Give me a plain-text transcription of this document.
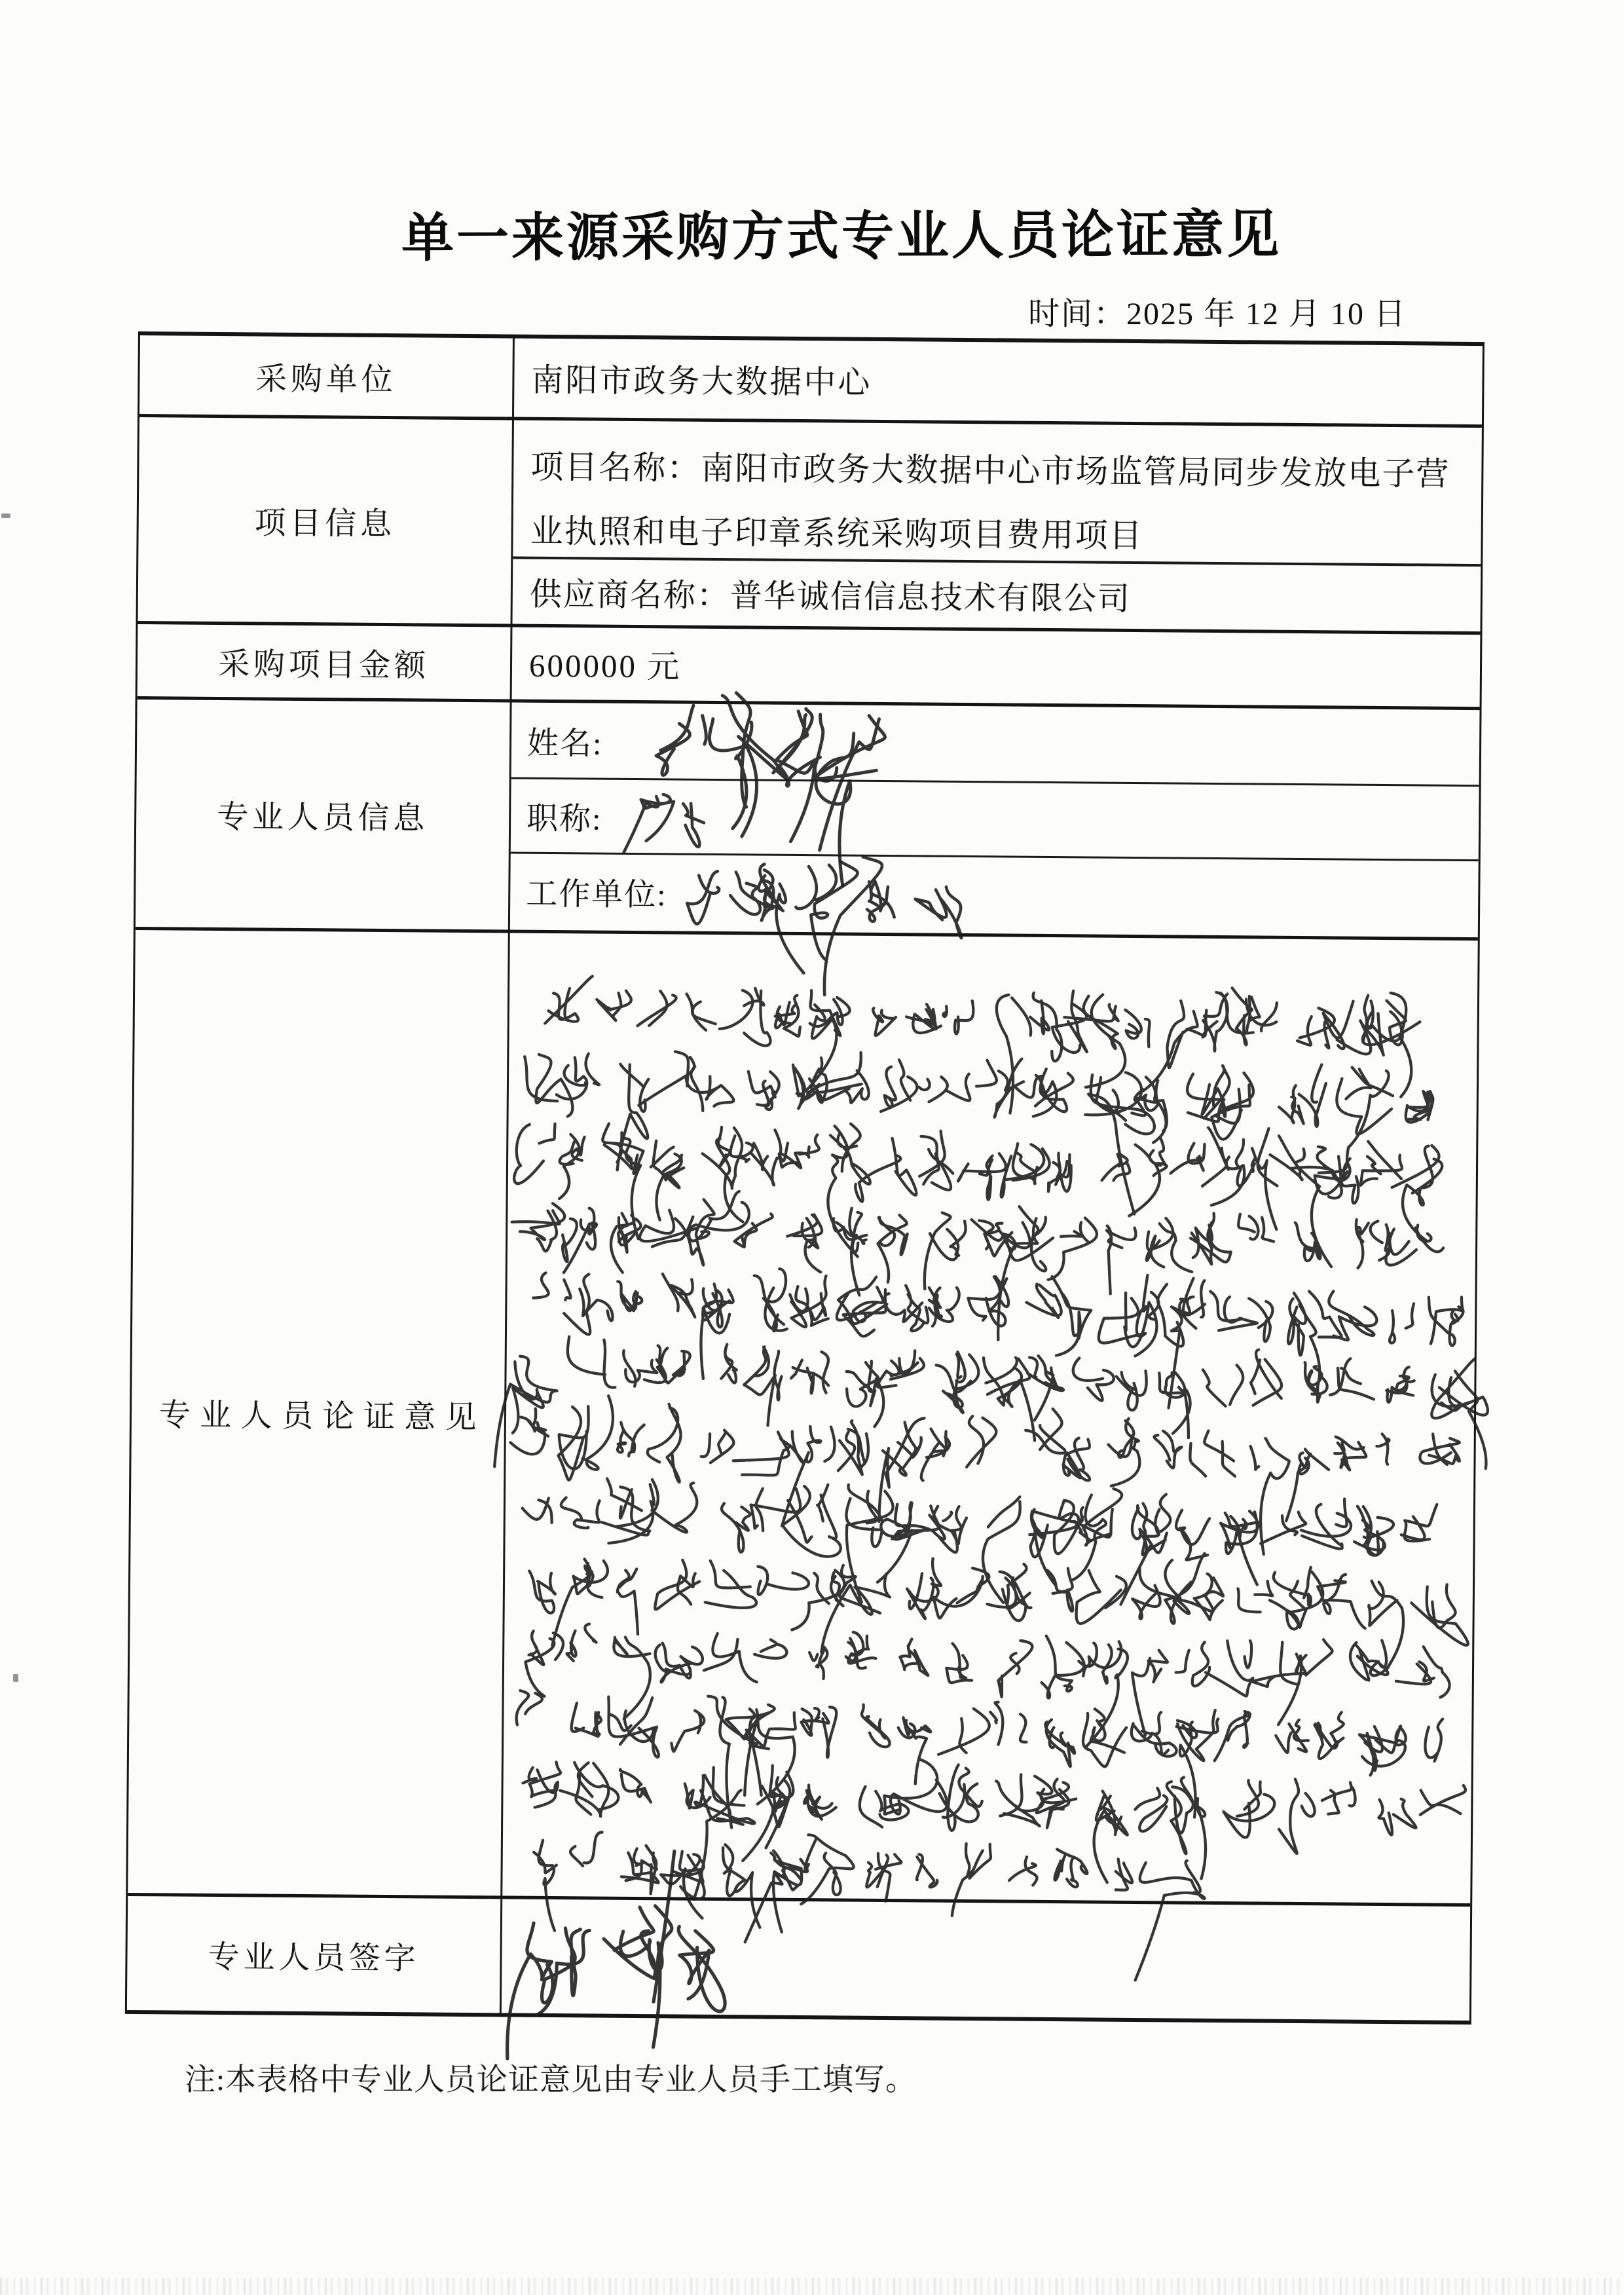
单一来源采购方式专业人员论证意见
时间：2025 年 12 月 10 日
采购单位	南阳市政务大数据中心
项目信息
项目名称：南阳市政务大数据中心市场监管局同步发放电子营业执照和电子印章系统采购项目费用项目
供应商名称：普华诚信信息技术有限公司
采购项目金额	600000 元
专业人员信息
姓名:
职称:
工作单位:
专业人员论证意见
专业人员签字
注:本表格中专业人员论证意见由专业人员手工填写。
